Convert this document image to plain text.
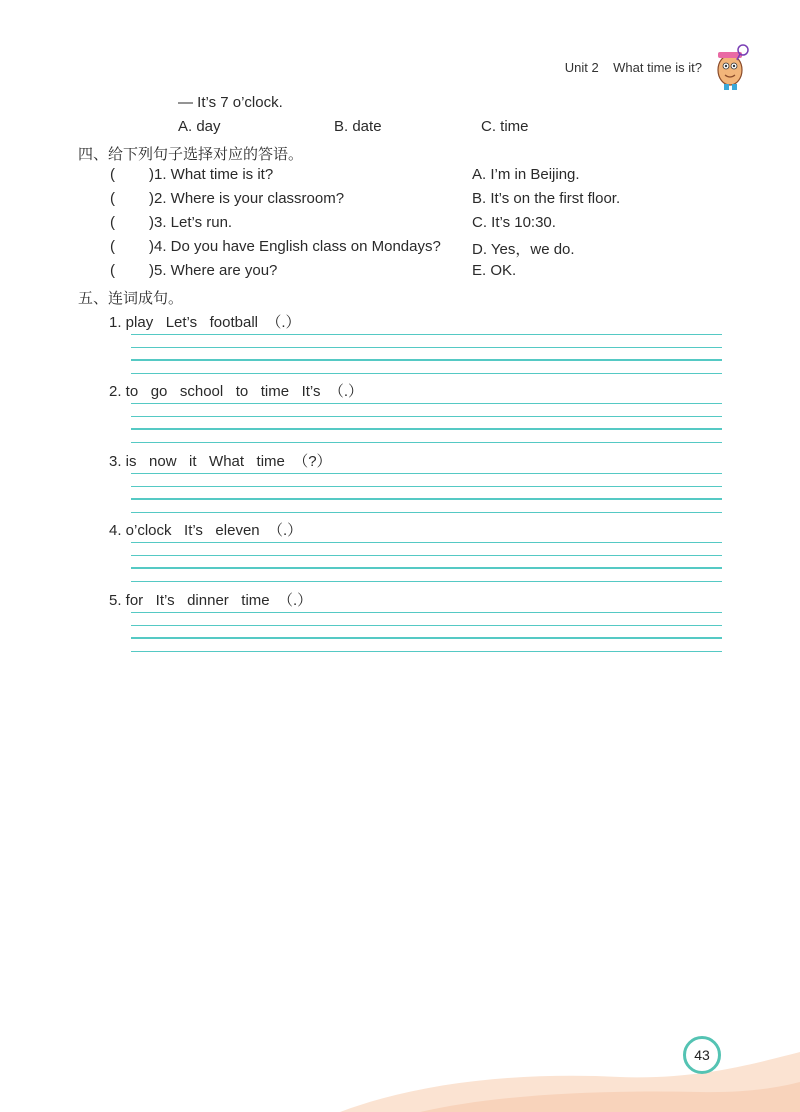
Unit 2 What time is it?
— It’s 7 o’clock.
A. day	B. date	C. time
四、给下列句子选择对应的答语。
( )1. What time is it?	A. I’m in Beijing.
( )2. Where is your classroom?	B. It’s on the first floor.
( )3. Let’s run.	C. It’s 10:30.
( )4. Do you have English class on Mondays? D. Yes，we do.
( )5. Where are you?	E. OK.
五、连词成句。
1. play   Let’s   football  （.）
2. to   go   school   to   time   It’s  （.）
3. is   now   it   What   time  （?）
4. o’clock   It’s   eleven  （.）
5. for   It’s   dinner   time  （.）
43
